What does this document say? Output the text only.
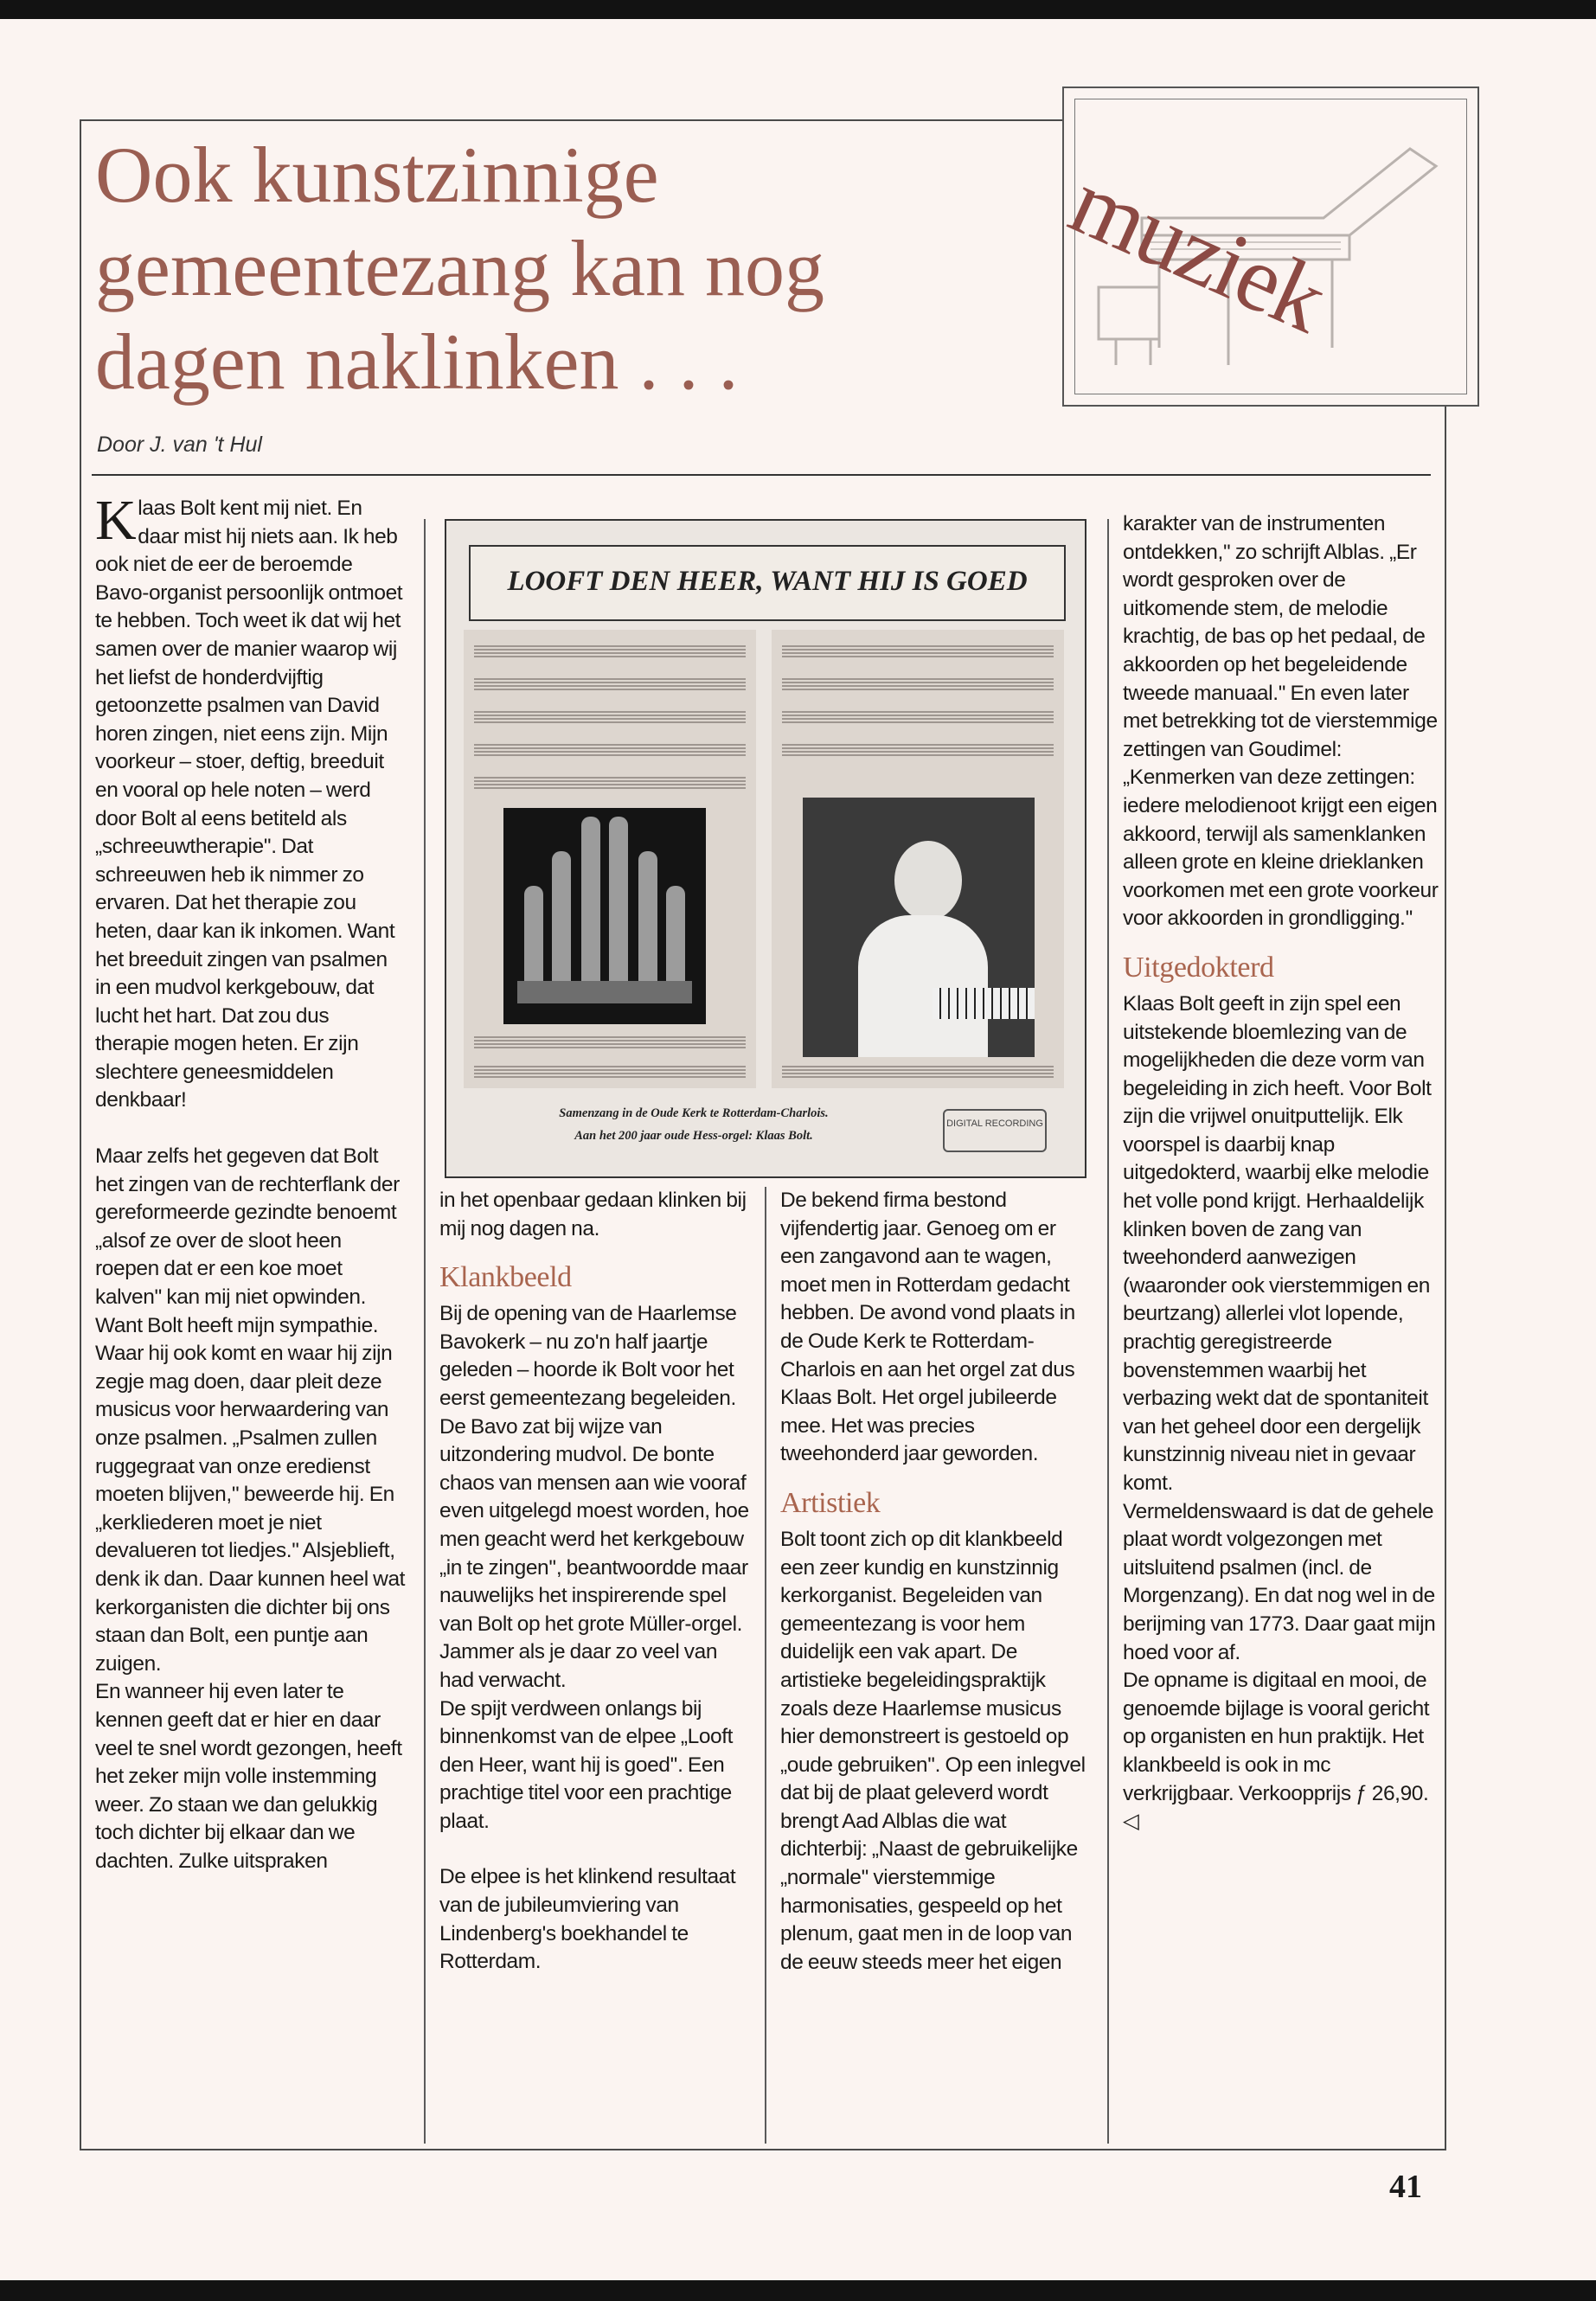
Ook kunstzinnige gemeentezang kan nog dagen naklinken . . .
muziek
Door J. van 't Hul

Klaas Bolt kent mij niet. En daar mist hij niets aan. Ik heb ook niet de eer de beroemde Bavo-organist persoonlijk ontmoet te hebben. Toch weet ik dat wij het samen over de manier waarop wij het liefst de honderdvijftig getoonzette psalmen van David horen zingen, niet eens zijn. Mijn voorkeur – stoer, deftig, breeduit en vooral op hele noten – werd door Bolt al eens betiteld als „schreeuwtherapie''. Dat schreeuwen heb ik nimmer zo ervaren. Dat het therapie zou heten, daar kan ik inkomen. Want het breeduit zingen van psalmen in een mudvol kerkgebouw, dat lucht het hart. Dat zou dus therapie mogen heten. Er zijn slechtere geneesmiddelen denkbaar!

Maar zelfs het gegeven dat Bolt het zingen van de rechterflank der gereformeerde gezindte benoemt „alsof ze over de sloot heen roepen dat er een koe moet kalven'' kan mij niet opwinden. Want Bolt heeft mijn sympathie. Waar hij ook komt en waar hij zijn zegje mag doen, daar pleit deze musicus voor herwaardering van onze psalmen. „Psalmen zullen ruggegraat van onze eredienst moeten blijven,'' beweerde hij. En „kerkliederen moet je niet devalueren tot liedjes.'' Alsjeblieft, denk ik dan. Daar kunnen heel wat kerkorganisten die dichter bij ons staan dan Bolt, een puntje aan zuigen.

En wanneer hij even later te kennen geeft dat er hier en daar veel te snel wordt gezongen, heeft het zeker mijn volle instemming weer. Zo staan we dan gelukkig toch dichter bij elkaar dan we dachten. Zulke uitspraken

LOOFT DEN HEER, WANT HIJ IS GOED
Samenzang in de Oude Kerk te Rotterdam-Charlois.
Aan het 200 jaar oude Hess-orgel: Klaas Bolt.
DIGITAL RECORDING

in het openbaar gedaan klinken bij mij nog dagen na.

Klankbeeld

Bij de opening van de Haarlemse Bavokerk – nu zo'n half jaartje geleden – hoorde ik Bolt voor het eerst gemeentezang begeleiden. De Bavo zat bij wijze van uitzondering mudvol. De bonte chaos van mensen aan wie vooraf even uitgelegd moest worden, hoe men geacht werd het kerkgebouw „in te zingen'', beantwoordde maar nauwelijks het inspirerende spel van Bolt op het grote Müller-orgel. Jammer als je daar zo veel van had verwacht.

De spijt verdween onlangs bij binnenkomst van de elpee „Looft den Heer, want hij is goed''. Een prachtige titel voor een prachtige plaat.

De elpee is het klinkend resultaat van de jubileumviering van Lindenberg's boekhandel te Rotterdam.

De bekend firma bestond vijfendertig jaar. Genoeg om er een zangavond aan te wagen, moet men in Rotterdam gedacht hebben. De avond vond plaats in de Oude Kerk te Rotterdam-Charlois en aan het orgel zat dus Klaas Bolt. Het orgel jubileerde mee. Het was precies tweehonderd jaar geworden.

Artistiek

Bolt toont zich op dit klankbeeld een zeer kundig en kunstzinnig kerkorganist. Begeleiden van gemeentezang is voor hem duidelijk een vak apart. De artistieke begeleidingspraktijk zoals deze Haarlemse musicus hier demonstreert is gestoeld op „oude gebruiken''. Op een inlegvel dat bij de plaat geleverd wordt brengt Aad Alblas die wat dichterbij: „Naast de gebruikelijke „normale'' vierstemmige harmonisaties, gespeeld op het plenum, gaat men in de loop van de eeuw steeds meer het eigen

karakter van de instrumenten ontdekken,'' zo schrijft Alblas. „Er wordt gesproken over de uitkomende stem, de melodie krachtig, de bas op het pedaal, de akkoorden op het begeleidende tweede manuaal.'' En even later met betrekking tot de vierstemmige zettingen van Goudimel: „Kenmerken van deze zettingen: iedere melodienoot krijgt een eigen akkoord, terwijl als samenklanken alleen grote en kleine drieklanken voorkomen met een grote voorkeur voor akkoorden in grondligging.''

Uitgedokterd

Klaas Bolt geeft in zijn spel een uitstekende bloemlezing van de mogelijkheden die deze vorm van begeleiding in zich heeft. Voor Bolt zijn die vrijwel onuitputtelijk. Elk voorspel is daarbij knap uitgedokterd, waarbij elke melodie het volle pond krijgt. Herhaaldelijk klinken boven de zang van tweehonderd aanwezigen (waaronder ook vierstemmigen en beurtzang) allerlei vlot lopende, prachtig geregistreerde bovenstemmen waarbij het verbazing wekt dat de spontaniteit van het geheel door een dergelijk kunstzinnig niveau niet in gevaar komt.

Vermeldenswaard is dat de gehele plaat wordt volgezongen met uitsluitend psalmen (incl. de Morgenzang). En dat nog wel in de berijming van 1773. Daar gaat mijn hoed voor af.

De opname is digitaal en mooi, de genoemde bijlage is vooral gericht op organisten en hun praktijk. Het klankbeeld is ook in mc verkrijgbaar. Verkoopprijs ƒ 26,90. ◁

41
